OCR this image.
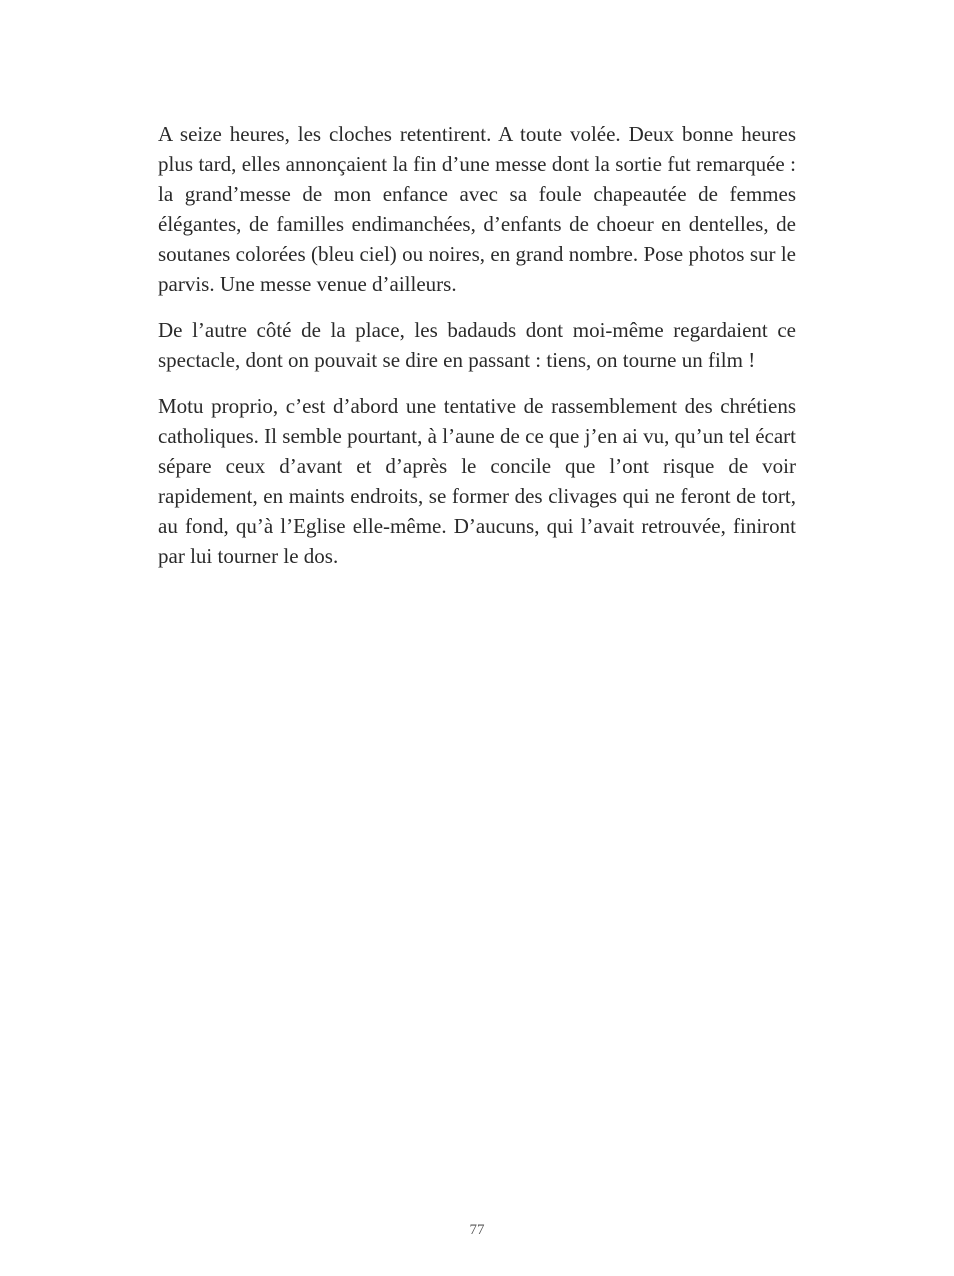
A seize heures, les cloches retentirent. A toute volée. Deux bonne heures plus tard, elles annonçaient la fin d’une messe dont la sortie fut remarquée : la grand’messe de mon enfance avec sa foule chapeautée de femmes élégantes, de familles endimanchées, d’enfants de choeur en dentelles, de soutanes colorées (bleu ciel) ou noires, en grand nombre. Pose photos sur le parvis. Une messe venue d’ailleurs.

De l’autre côté de la place, les badauds dont moi-même regardaient ce spectacle, dont on pouvait se dire en passant : tiens, on tourne un film !

Motu proprio, c’est d’abord une tentative de rassemblement des chrétiens catholiques. Il semble pourtant, à l’aune de ce que j’en ai vu, qu’un tel écart sépare ceux d’avant et d’après le concile que l’ont risque de voir rapidement, en maints endroits, se former des clivages qui ne feront de tort, au fond, qu’à l’Eglise elle-même. D’aucuns, qui l’avait retrouvée, finiront par lui tourner le dos.

77
